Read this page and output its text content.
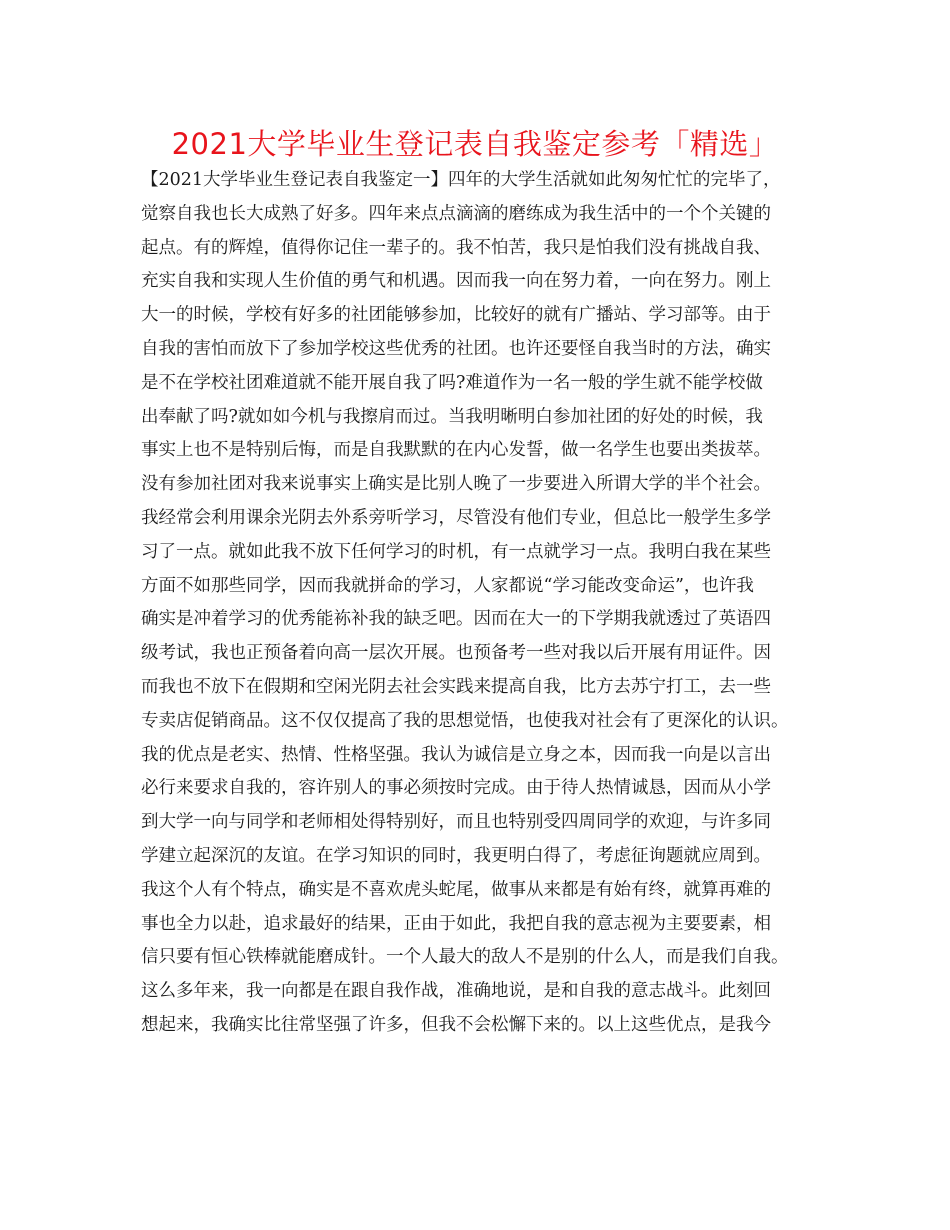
2021大学毕业生登记表自我鉴定参考「精选」
【2021大学毕业生登记表自我鉴定一】四年的大学生活就如此匆匆忙忙的完毕了，
觉察自我也长大成熟了好多。四年来点点滴滴的磨练成为我生活中的一个个关键的
起点。有的辉煌，值得你记住一辈子的。我不怕苦，我只是怕我们没有挑战自我、
充实自我和实现人生价值的勇气和机遇。因而我一向在努力着，一向在努力。刚上
大一的时候，学校有好多的社团能够参加，比较好的就有广播站、学习部等。由于
自我的害怕而放下了参加学校这些优秀的社团。也许还要怪自我当时的方法，确实
是不在学校社团难道就不能开展自我了吗?难道作为一名一般的学生就不能学校做
出奉献了吗?就如如今机与我擦肩而过。当我明晰明白参加社团的好处的时候，我
事实上也不是特别后悔，而是自我默默的在内心发誓，做一名学生也要出类拔萃。
没有参加社团对我来说事实上确实是比别人晚了一步要进入所谓大学的半个社会。
我经常会利用课余光阴去外系旁听学习，尽管没有他们专业，但总比一般学生多学
习了一点。就如此我不放下任何学习的时机，有一点就学习一点。我明白我在某些
方面不如那些同学，因而我就拼命的学习，人家都说“学习能改变命运”，也许我
确实是冲着学习的优秀能袮补我的缺乏吧。因而在大一的下学期我就透过了英语四
级考试，我也正预备着向高一层次开展。也预备考一些对我以后开展有用证件。因
而我也不放下在假期和空闲光阴去社会实践来提高自我，比方去苏宁打工，去一些
专卖店促销商品。这不仅仅提高了我的思想觉悟，也使我对社会有了更深化的认识。
我的优点是老实、热情、性格坚强。我认为诚信是立身之本，因而我一向是以言出
必行来要求自我的，容许别人的事必须按时完成。由于待人热情诚恳，因而从小学
到大学一向与同学和老师相处得特别好，而且也特别受四周同学的欢迎，与许多同
学建立起深沉的友谊。在学习知识的同时，我更明白得了，考虑征询题就应周到。
我这个人有个特点，确实是不喜欢虎头蛇尾，做事从来都是有始有终，就算再难的
事也全力以赴，追求最好的结果，正由于如此，我把自我的意志视为主要要素，相
信只要有恒心铁棒就能磨成针。一个人最大的敌人不是别的什么人，而是我们自我。
这么多年来，我一向都是在跟自我作战，准确地说，是和自我的意志战斗。此刻回
想起来，我确实比往常坚强了许多，但我不会松懈下来的。以上这些优点，是我今
